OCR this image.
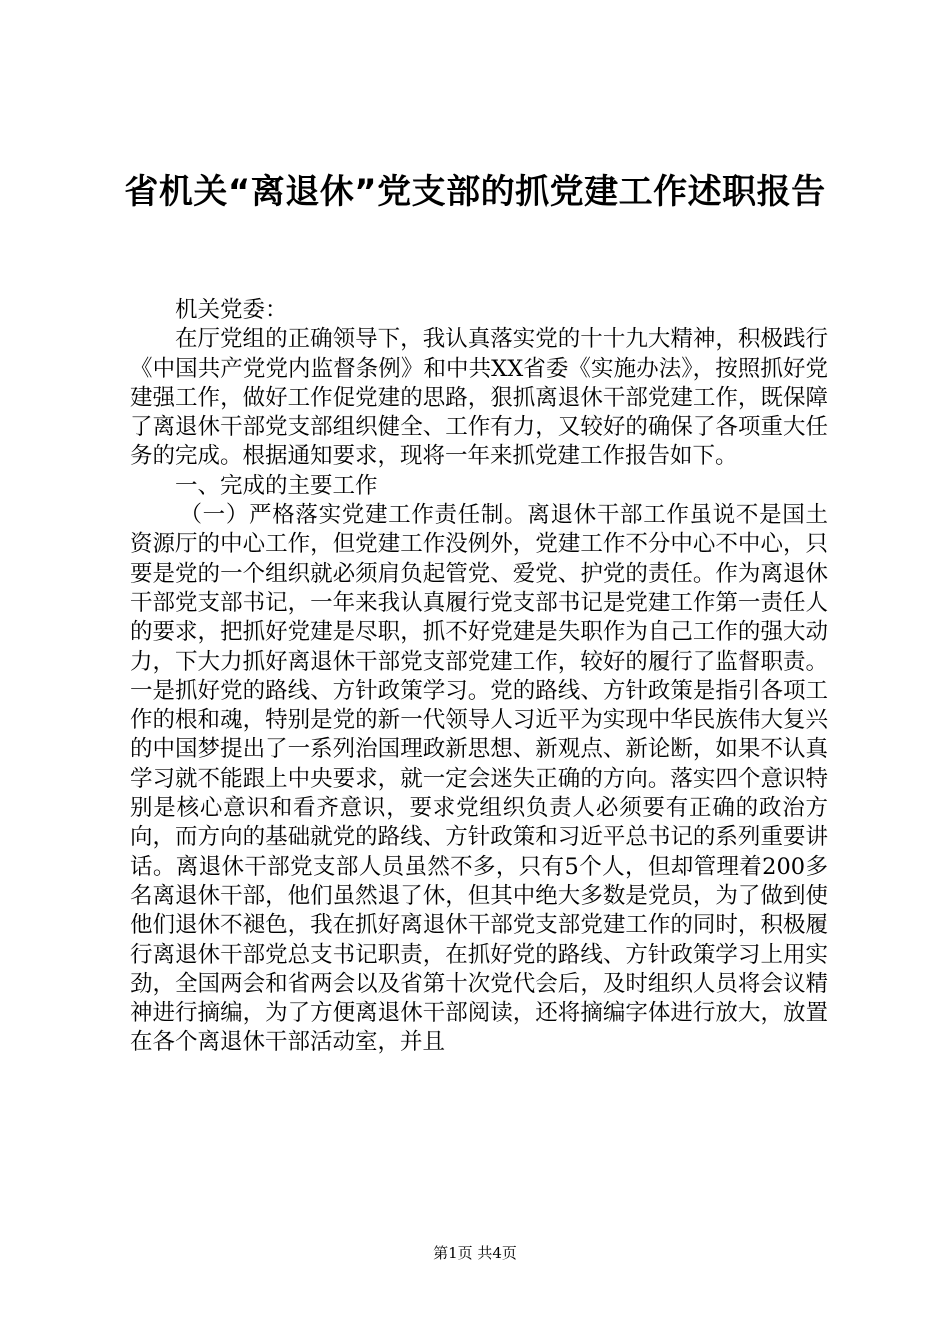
省机关“离退休”党支部的抓党建工作述职报告

机关党委：

在厅党组的正确领导下，我认真落实党的十十九大精神，积极践行《中国共产党党内监督条例》和中共XX省委《实施办法》，按照抓好党建强工作，做好工作促党建的思路，狠抓离退休干部党建工作，既保障了离退休干部党支部组织健全、工作有力，又较好的确保了各项重大任务的完成。根据通知要求，现将一年来抓党建工作报告如下。

一、完成的主要工作

（一）严格落实党建工作责任制。离退休干部工作虽说不是国土资源厅的中心工作，但党建工作没例外，党建工作不分中心不中心，只要是党的一个组织就必须肩负起管党、爱党、护党的责任。作为离退休干部党支部书记，一年来我认真履行党支部书记是党建工作第一责任人的要求，把抓好党建是尽职，抓不好党建是失职作为自己工作的强大动力，下大力抓好离退休干部党支部党建工作，较好的履行了监督职责。一是抓好党的路线、方针政策学习。党的路线、方针政策是指引各项工作的根和魂，特别是党的新一代领导人习近平为实现中华民族伟大复兴的中国梦提出了一系列治国理政新思想、新观点、新论断，如果不认真学习就不能跟上中央要求，就一定会迷失正确的方向。落实四个意识特别是核心意识和看齐意识，要求党组织负责人必须要有正确的政治方向，而方向的基础就党的路线、方针政策和习近平总书记的系列重要讲话。离退休干部党支部人员虽然不多，只有5个人，但却管理着200多名离退休干部，他们虽然退了休，但其中绝大多数是党员，为了做到使他们退休不褪色，我在抓好离退休干部党支部党建工作的同时，积极履行离退休干部党总支书记职责，在抓好党的路线、方针政策学习上用实劲，全国两会和省两会以及省第十次党代会后，及时组织人员将会议精神进行摘编，为了方便离退休干部阅读，还将摘编字体进行放大，放置在各个离退休干部活动室，并且

第1页 共4页
